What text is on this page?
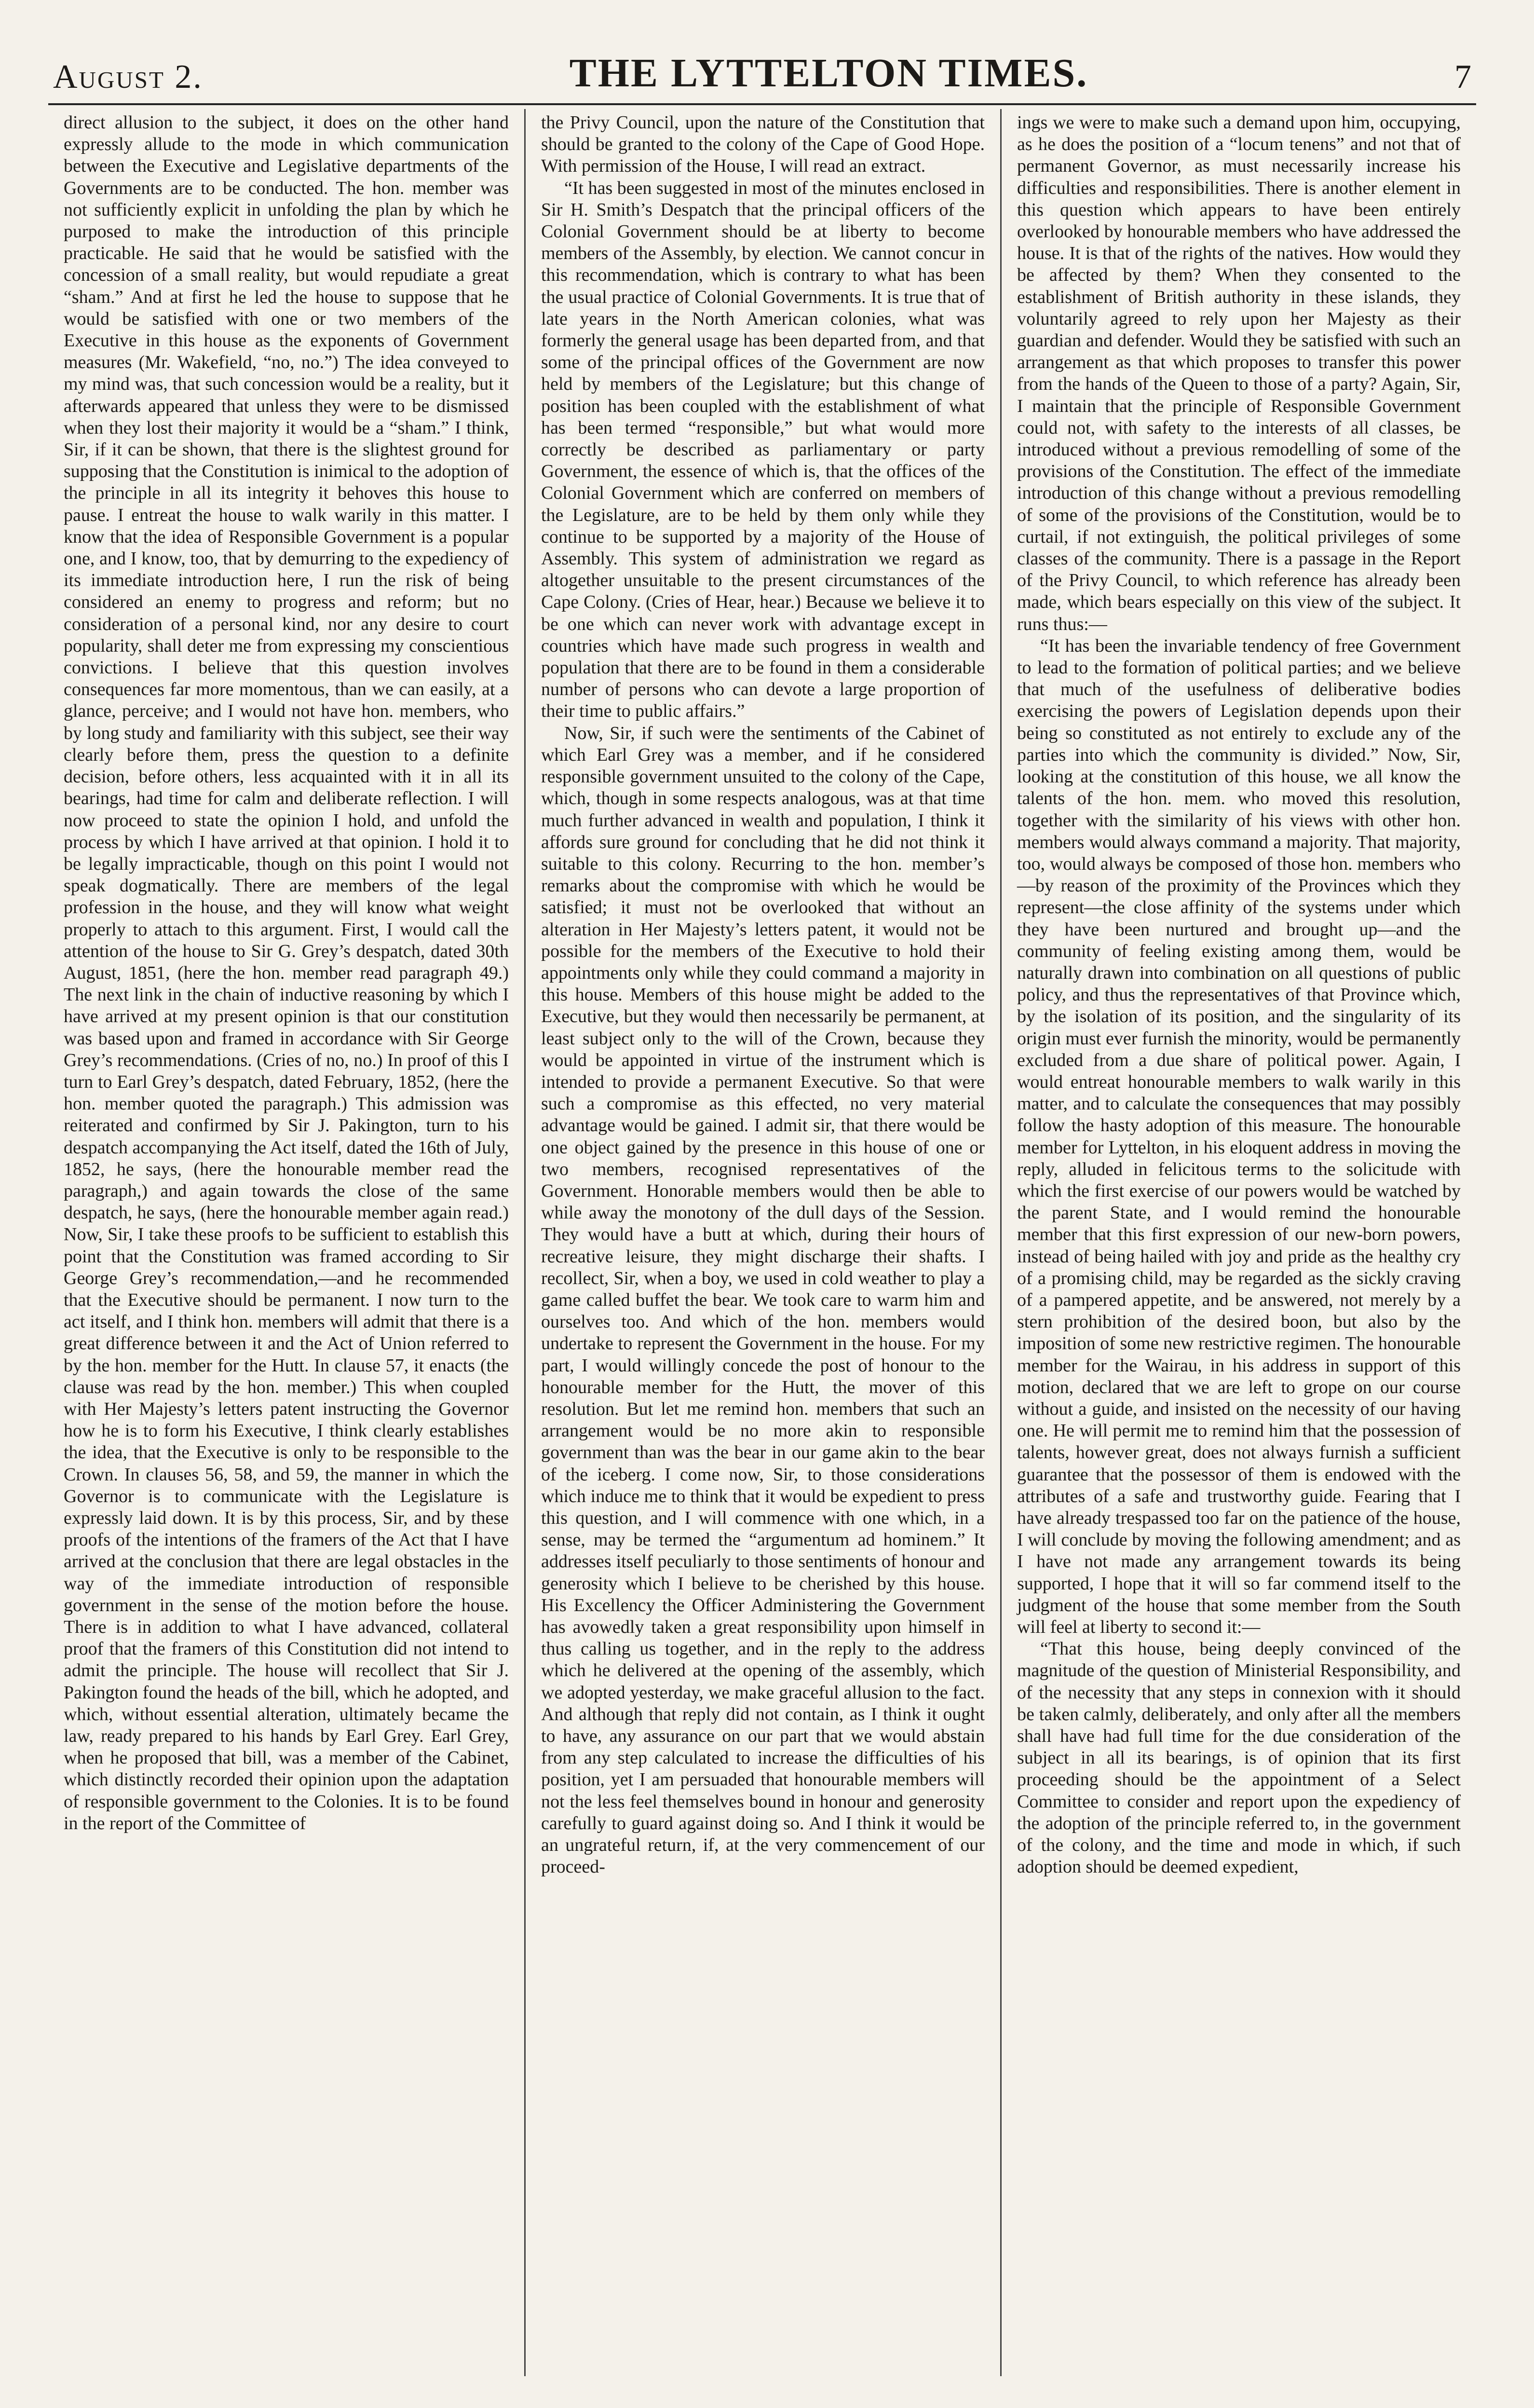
August 2.	THE LYTTELTON TIMES.	7

direct allusion to the subject, it does on the other hand expressly allude to the mode in which communication between the Executive and Legislative departments of the Governments are to be conducted. The hon. member was not sufficiently explicit in unfolding the plan by which he purposed to make the introduction of this principle practicable. He said that he would be satisfied with the concession of a small reality, but would repudiate a great “sham.” And at first he led the house to suppose that he would be satisfied with one or two members of the Executive in this house as the exponents of Government measures (Mr. Wakefield, “no, no.”) The idea conveyed to my mind was, that such concession would be a reality, but it afterwards appeared that unless they were to be dismissed when they lost their majority it would be a “sham.” I think, Sir, if it can be shown, that there is the slightest ground for supposing that the Constitution is inimical to the adoption of the principle in all its integrity it behoves this house to pause. I entreat the house to walk warily in this matter. I know that the idea of Responsible Government is a popular one, and I know, too, that by demurring to the expediency of its immediate introduction here, I run the risk of being considered an enemy to progress and reform; but no consideration of a personal kind, nor any desire to court popularity, shall deter me from expressing my conscientious convictions. I believe that this question involves consequences far more momentous, than we can easily, at a glance, perceive; and I would not have hon. members, who by long study and familiarity with this subject, see their way clearly before them, press the question to a definite decision, before others, less acquainted with it in all its bearings, had time for calm and deliberate reflection. I will now proceed to state the opinion I hold, and unfold the process by which I have arrived at that opinion. I hold it to be legally impracticable, though on this point I would not speak dogmatically. There are members of the legal profession in the house, and they will know what weight properly to attach to this argument. First, I would call the attention of the house to Sir G. Grey’s despatch, dated 30th August, 1851, (here the hon. member read paragraph 49.) The next link in the chain of inductive reasoning by which I have arrived at my present opinion is that our constitution was based upon and framed in accordance with Sir George Grey’s recommendations. (Cries of no, no.) In proof of this I turn to Earl Grey’s despatch, dated February, 1852, (here the hon. member quoted the paragraph.) This admission was reiterated and confirmed by Sir J. Pakington, turn to his despatch accompanying the Act itself, dated the 16th of July, 1852, he says, (here the honourable member read the paragraph,) and again towards the close of the same despatch, he says, (here the honourable member again read.) Now, Sir, I take these proofs to be sufficient to establish this point that the Constitution was framed according to Sir George Grey’s recommendation,—and he recommended that the Executive should be permanent. I now turn to the act itself, and I think hon. members will admit that there is a great difference between it and the Act of Union referred to by the hon. member for the Hutt. In clause 57, it enacts (the clause was read by the hon. member.) This when coupled with Her Majesty’s letters patent instructing the Governor how he is to form his Executive, I think clearly establishes the idea, that the Executive is only to be responsible to the Crown. In clauses 56, 58, and 59, the manner in which the Governor is to communicate with the Legislature is expressly laid down. It is by this process, Sir, and by these proofs of the intentions of the framers of the Act that I have arrived at the conclusion that there are legal obstacles in the way of the immediate introduction of responsible government in the sense of the motion before the house. There is in addition to what I have advanced, collateral proof that the framers of this Constitution did not intend to admit the principle. The house will recollect that Sir J. Pakington found the heads of the bill, which he adopted, and which, without essential alteration, ultimately became the law, ready prepared to his hands by Earl Grey. Earl Grey, when he proposed that bill, was a member of the Cabinet, which distinctly recorded their opinion upon the adaptation of responsible government to the Colonies. It is to be found in the report of the Committee of

the Privy Council, upon the nature of the Constitution that should be granted to the colony of the Cape of Good Hope. With permission of the House, I will read an extract.

“It has been suggested in most of the minutes enclosed in Sir H. Smith’s Despatch that the principal officers of the Colonial Government should be at liberty to become members of the Assembly, by election. We cannot concur in this recommendation, which is contrary to what has been the usual practice of Colonial Governments. It is true that of late years in the North American colonies, what was formerly the general usage has been departed from, and that some of the principal offices of the Government are now held by members of the Legislature; but this change of position has been coupled with the establishment of what has been termed “responsible,” but what would more correctly be described as parliamentary or party Government, the essence of which is, that the offices of the Colonial Government which are conferred on members of the Legislature, are to be held by them only while they continue to be supported by a majority of the House of Assembly. This system of administration we regard as altogether unsuitable to the present circumstances of the Cape Colony. (Cries of Hear, hear.) Because we believe it to be one which can never work with advantage except in countries which have made such progress in wealth and population that there are to be found in them a considerable number of persons who can devote a large proportion of their time to public affairs.”

Now, Sir, if such were the sentiments of the Cabinet of which Earl Grey was a member, and if he considered responsible government unsuited to the colony of the Cape, which, though in some respects analogous, was at that time much further advanced in wealth and population, I think it affords sure ground for concluding that he did not think it suitable to this colony. Recurring to the hon. member’s remarks about the compromise with which he would be satisfied; it must not be overlooked that without an alteration in Her Majesty’s letters patent, it would not be possible for the members of the Executive to hold their appointments only while they could command a majority in this house. Members of this house might be added to the Executive, but they would then necessarily be permanent, at least subject only to the will of the Crown, because they would be appointed in virtue of the instrument which is intended to provide a permanent Executive. So that were such a compromise as this effected, no very material advantage would be gained. I admit sir, that there would be one object gained by the presence in this house of one or two members, recognised representatives of the Government. Honorable members would then be able to while away the monotony of the dull days of the Session. They would have a butt at which, during their hours of recreative leisure, they might discharge their shafts. I recollect, Sir, when a boy, we used in cold weather to play a game called buffet the bear. We took care to warm him and ourselves too. And which of the hon. members would undertake to represent the Government in the house. For my part, I would willingly concede the post of honour to the honourable member for the Hutt, the mover of this resolution. But let me remind hon. members that such an arrangement would be no more akin to responsible government than was the bear in our game akin to the bear of the iceberg. I come now, Sir, to those considerations which induce me to think that it would be expedient to press this question, and I will commence with one which, in a sense, may be termed the “argumentum ad hominem.” It addresses itself peculiarly to those sentiments of honour and generosity which I believe to be cherished by this house. His Excellency the Officer Administering the Government has avowedly taken a great responsibility upon himself in thus calling us together, and in the reply to the address which he delivered at the opening of the assembly, which we adopted yesterday, we make graceful allusion to the fact. And although that reply did not contain, as I think it ought to have, any assurance on our part that we would abstain from any step calculated to increase the difficulties of his position, yet I am persuaded that honourable members will not the less feel themselves bound in honour and generosity carefully to guard against doing so. And I think it would be an ungrateful return, if, at the very commencement of our proceed-

ings we were to make such a demand upon him, occupying, as he does the position of a “locum tenens” and not that of permanent Governor, as must necessarily increase his difficulties and responsibilities. There is another element in this question which appears to have been entirely overlooked by honourable members who have addressed the house. It is that of the rights of the natives. How would they be affected by them? When they consented to the establishment of British authority in these islands, they voluntarily agreed to rely upon her Majesty as their guardian and defender. Would they be satisfied with such an arrangement as that which proposes to transfer this power from the hands of the Queen to those of a party? Again, Sir, I maintain that the principle of Responsible Government could not, with safety to the interests of all classes, be introduced without a previous remodelling of some of the provisions of the Constitution. The effect of the immediate introduction of this change without a previous remodelling of some of the provisions of the Constitution, would be to curtail, if not extinguish, the political privileges of some classes of the community. There is a passage in the Report of the Privy Council, to which reference has already been made, which bears especially on this view of the subject. It runs thus:—

“It has been the invariable tendency of free Government to lead to the formation of political parties; and we believe that much of the usefulness of deliberative bodies exercising the powers of Legislation depends upon their being so constituted as not entirely to exclude any of the parties into which the community is divided.” Now, Sir, looking at the constitution of this house, we all know the talents of the hon. mem. who moved this resolution, together with the similarity of his views with other hon. members would always command a majority. That majority, too, would always be composed of those hon. members who—by reason of the proximity of the Provinces which they represent—the close affinity of the systems under which they have been nurtured and brought up—and the community of feeling existing among them, would be naturally drawn into combination on all questions of public policy, and thus the representatives of that Province which, by the isolation of its position, and the singularity of its origin must ever furnish the minority, would be permanently excluded from a due share of political power. Again, I would entreat honourable members to walk warily in this matter, and to calculate the consequences that may possibly follow the hasty adoption of this measure. The honourable member for Lyttelton, in his eloquent address in moving the reply, alluded in felicitous terms to the solicitude with which the first exercise of our powers would be watched by the parent State, and I would remind the honourable member that this first expression of our new-born powers, instead of being hailed with joy and pride as the healthy cry of a promising child, may be regarded as the sickly craving of a pampered appetite, and be answered, not merely by a stern prohibition of the desired boon, but also by the imposition of some new restrictive regimen. The honourable member for the Wairau, in his address in support of this motion, declared that we are left to grope on our course without a guide, and insisted on the necessity of our having one. He will permit me to remind him that the possession of talents, however great, does not always furnish a sufficient guarantee that the possessor of them is endowed with the attributes of a safe and trustworthy guide. Fearing that I have already trespassed too far on the patience of the house, I will conclude by moving the following amendment; and as I have not made any arrangement towards its being supported, I hope that it will so far commend itself to the judgment of the house that some member from the South will feel at liberty to second it:—

“That this house, being deeply convinced of the magnitude of the question of Ministerial Responsibility, and of the necessity that any steps in connexion with it should be taken calmly, deliberately, and only after all the members shall have had full time for the due consideration of the subject in all its bearings, is of opinion that its first proceeding should be the appointment of a Select Committee to consider and report upon the expediency of the adoption of the principle referred to, in the government of the colony, and the time and mode in which, if such adoption should be deemed expedient,
